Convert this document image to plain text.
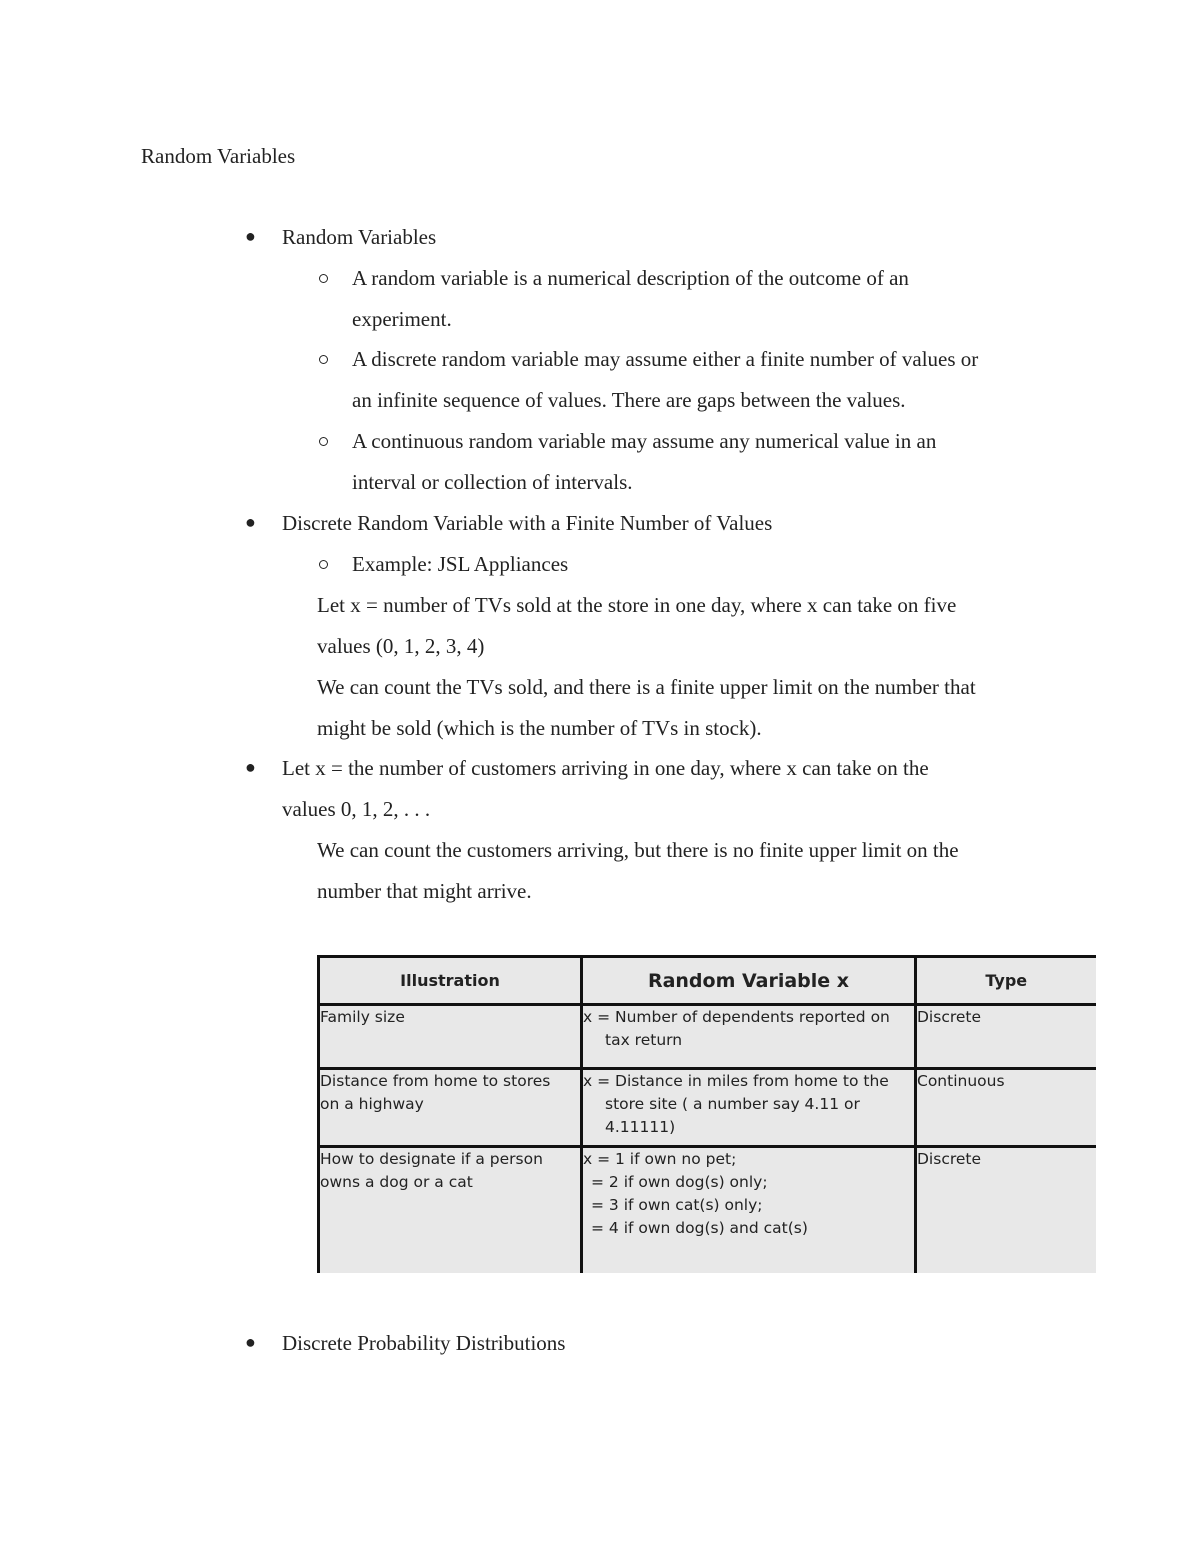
Random Variables
● Random Variables
A random variable is a numerical description of the outcome of an
experiment.
A discrete random variable may assume either a finite number of values or
an infinite sequence of values. There are gaps between the values.
A continuous random variable may assume any numerical value in an
interval or collection of intervals.
● Discrete Random Variable with a Finite Number of Values
Example: JSL Appliances
Let x = number of TVs sold at the store in one day, where x can take on five
values (0, 1, 2, 3, 4)
We can count the TVs sold, and there is a finite upper limit on the number that
might be sold (which is the number of TVs in stock).
● Let x = the number of customers arriving in one day, where x can take on the
values 0, 1, 2, . . .
We can count the customers arriving, but there is no finite upper limit on the
number that might arrive.
Illustration	Random Variable x	Type
Family size	x = Number of dependents reported on
tax return	Discrete

Distance from home to stores
on a highway	x = Distance in miles from home to the
store site ( a number say 4.11 or
4.11111)	Continuous

How to designate if a person
owns a dog or a cat	x = 1 if own no pet;
= 2 if own dog(s) only;
= 3 if own cat(s) only;
= 4 if own dog(s) and cat(s)	Discrete
● Discrete Probability Distributions
